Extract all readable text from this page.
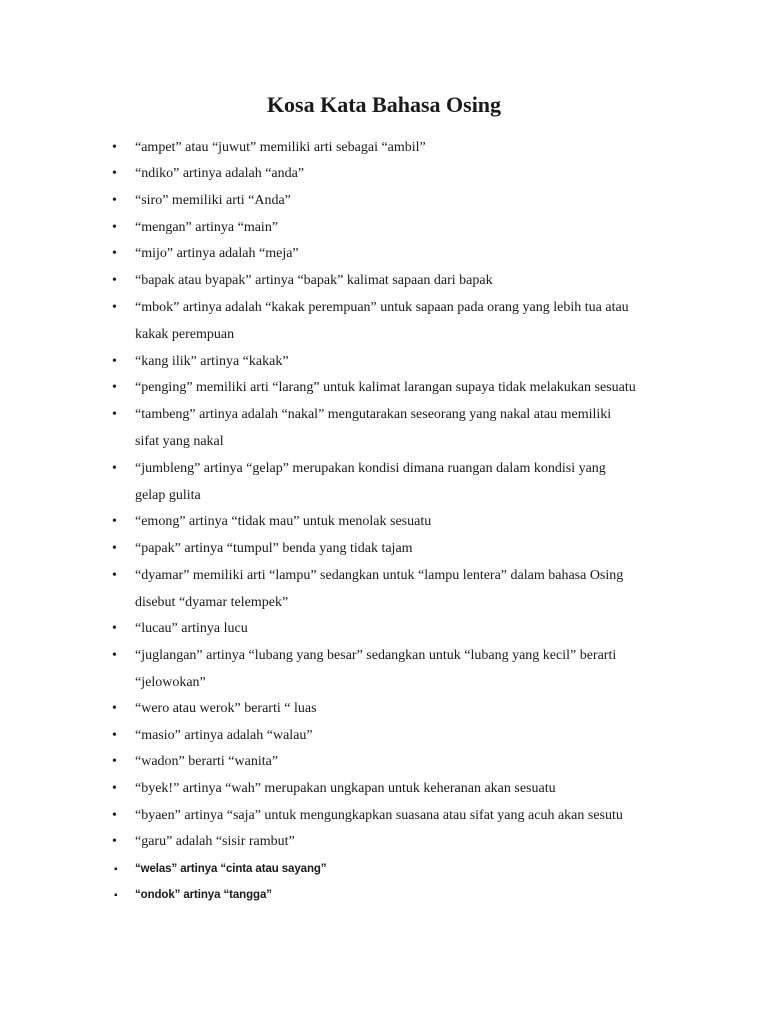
Kosa Kata Bahasa Osing
• “ampet” atau “juwut” memiliki arti sebagai “ambil”
• “ndiko” artinya adalah “anda”
• “siro” memiliki arti “Anda”
• “mengan” artinya “main”
• “mijo” artinya adalah “meja”
• “bapak atau byapak” artinya “bapak” kalimat sapaan dari bapak
• “mbok” artinya adalah “kakak perempuan” untuk sapaan pada orang yang lebih tua atau
kakak perempuan
• “kang ilik” artinya “kakak”
• “penging” memiliki arti “larang” untuk kalimat larangan supaya tidak melakukan sesuatu
• “tambeng” artinya adalah “nakal” mengutarakan seseorang yang nakal atau memiliki
sifat yang nakal
• “jumbleng” artinya “gelap” merupakan kondisi dimana ruangan dalam kondisi yang
gelap gulita
• “emong” artinya “tidak mau” untuk menolak sesuatu
• “papak” artinya “tumpul” benda yang tidak tajam
• “dyamar” memiliki arti “lampu” sedangkan untuk “lampu lentera” dalam bahasa Osing
disebut “dyamar telempek”
• “lucau” artinya lucu
• “juglangan” artinya “lubang yang besar” sedangkan untuk “lubang yang kecil” berarti
“jelowokan”
• “wero atau werok” berarti “ luas
• “masio” artinya adalah “walau”
• “wadon” berarti “wanita”
• “byek!” artinya “wah” merupakan ungkapan untuk keheranan akan sesuatu
• “byaen” artinya “saja” untuk mengungkapkan suasana atau sifat yang acuh akan sesutu
• “garu” adalah “sisir rambut”
▪ “welas” artinya “cinta atau sayang”
▪ “ondok” artinya “tangga”
